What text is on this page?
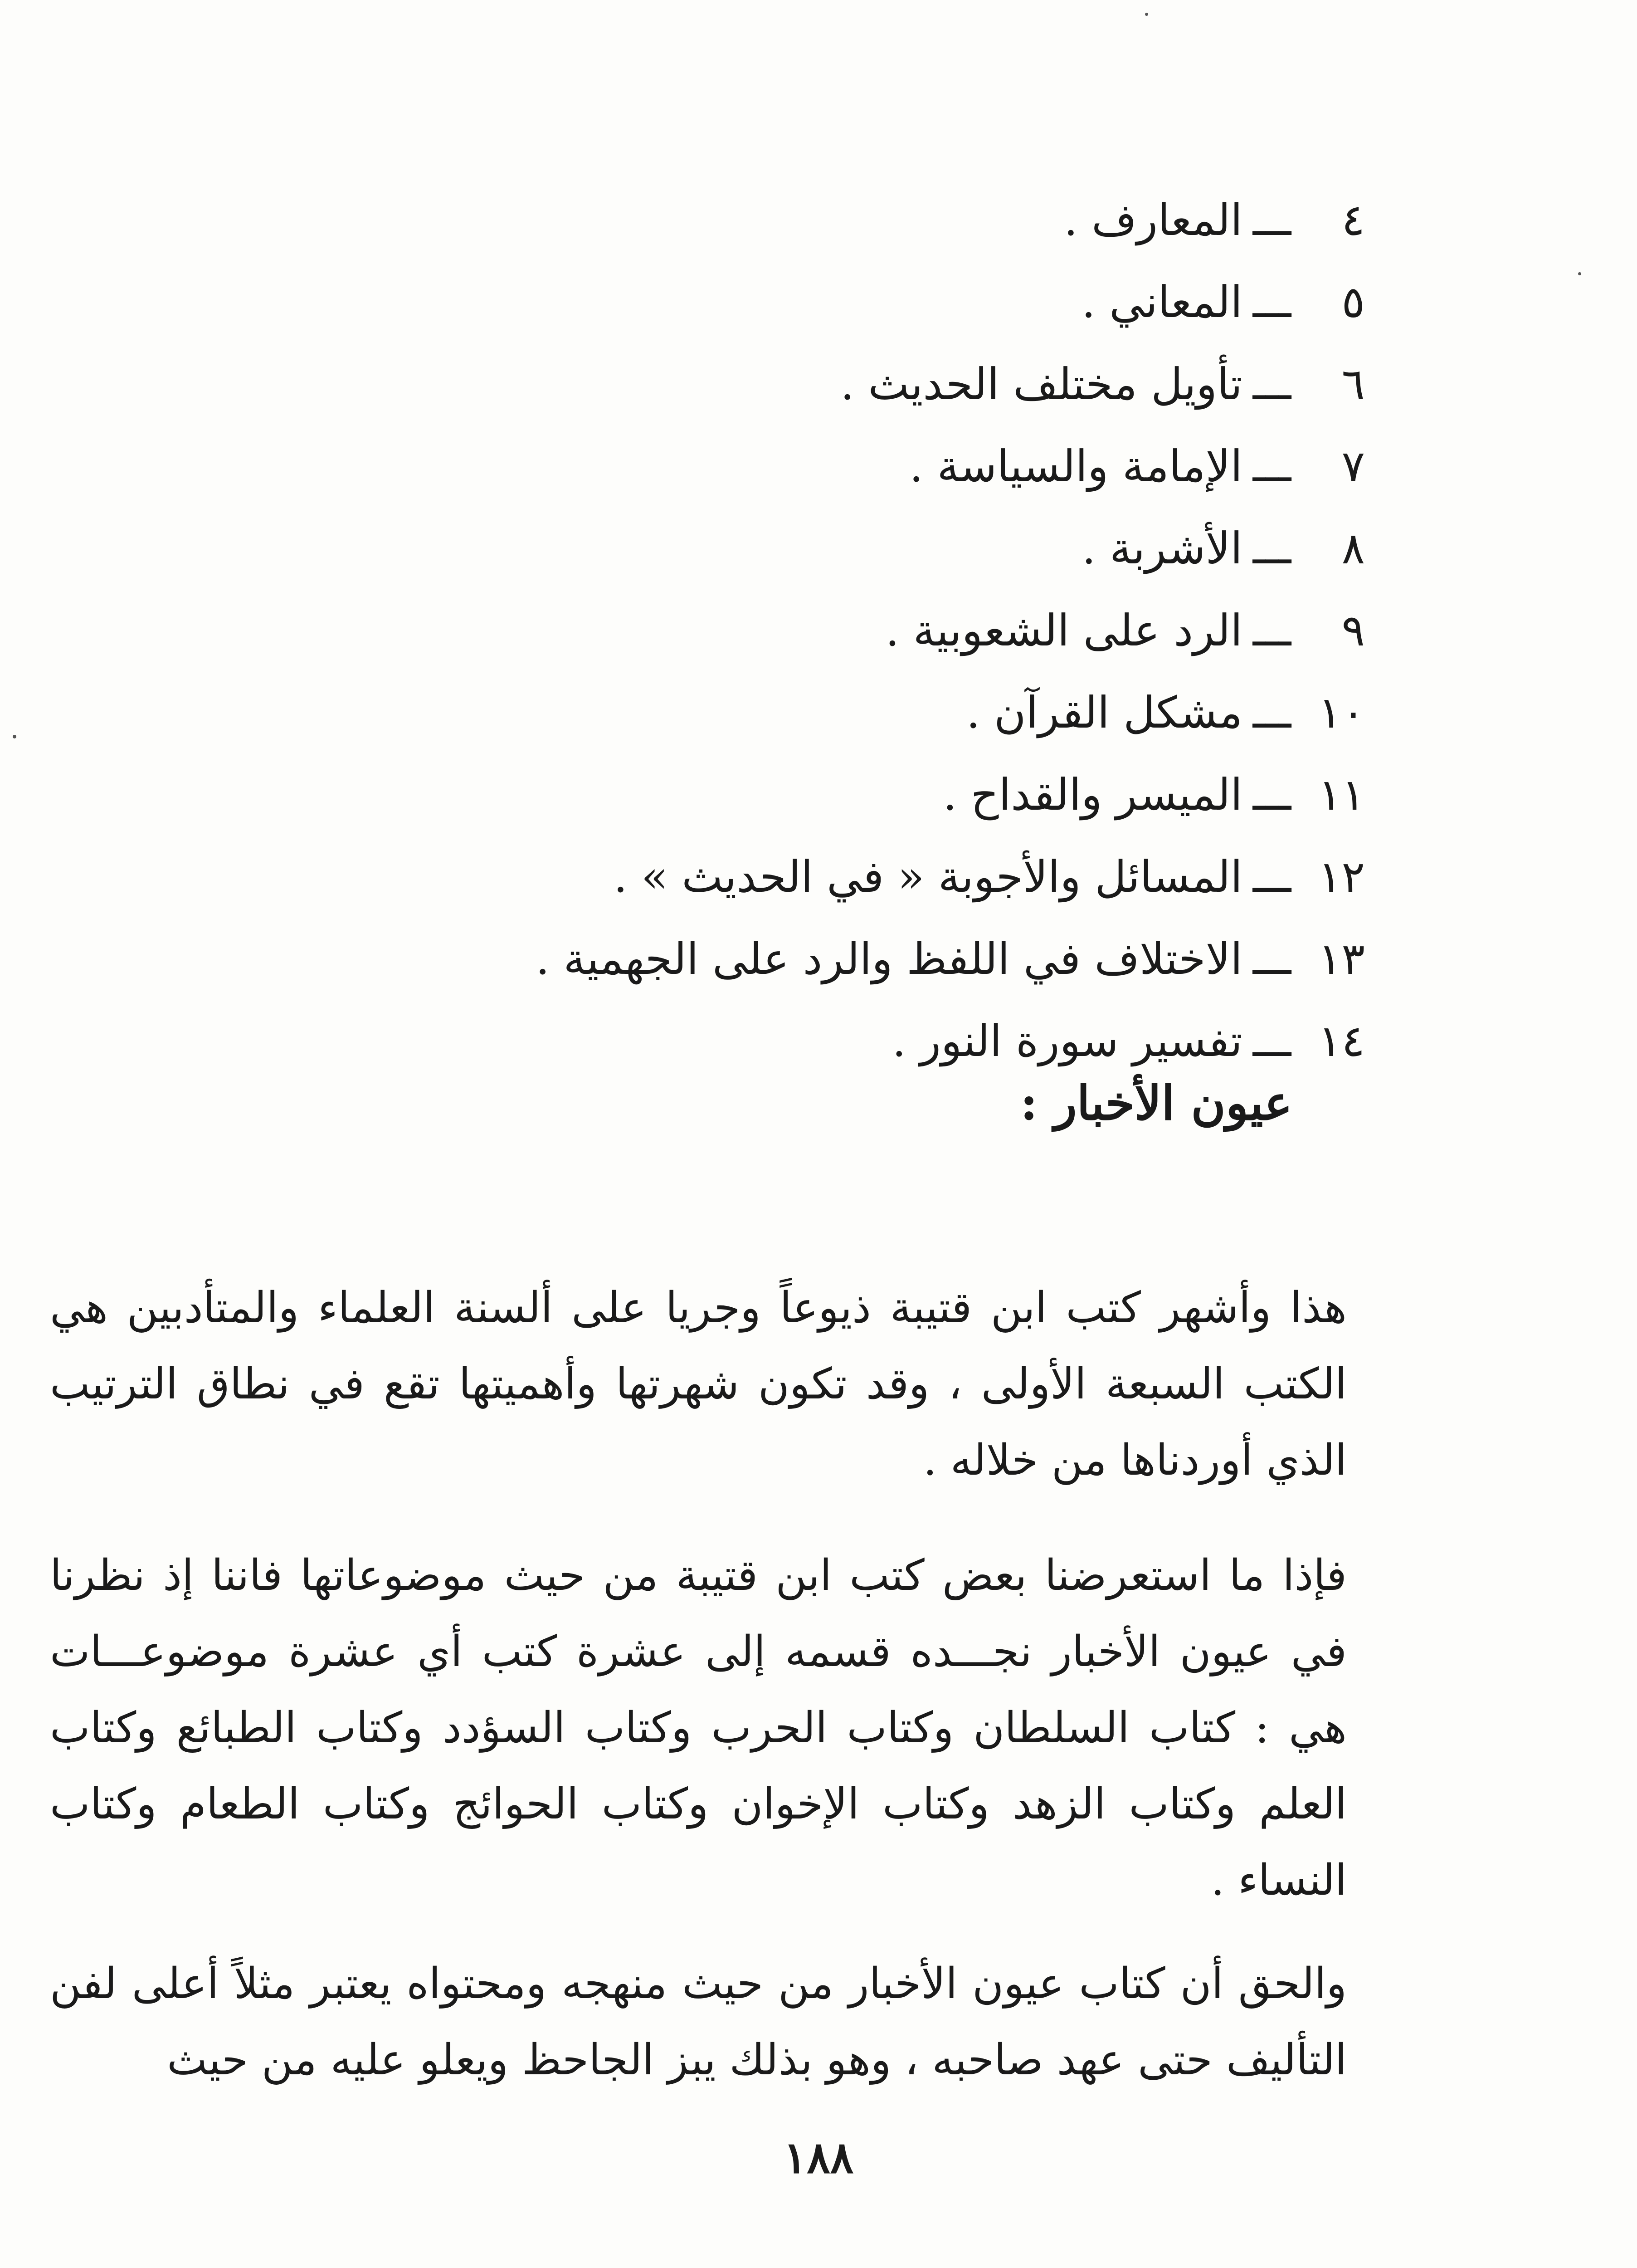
٤
ـــ
المعارف .
٥
ـــ
المعاني .
٦
ـــ
تأويل مختلف الحديث .
٧
ـــ
الإمامة والسياسة .
٨
ـــ
الأشربة .
٩
ـــ
الرد على الشعوبية .
١٠
ـــ
مشكل القرآن .
١١
ـــ
الميسر والقداح .
١٢
ـــ
المسائل والأجوبة « في الحديث » .
١٣
ـــ
الاختلاف في اللفظ والرد على الجهمية .
١٤
ـــ
تفسير سورة النور .
عيون الأخبار :

هذا وأشهر كتب ابن قتيبة ذيوعاً وجريا على ألسنة العلماء والمتأدبين هي الكتب السبعة الأولى ، وقد تكون شهرتها وأهميتها تقع في نطاق الترتيب الذي أوردناها من خلاله .

فإذا ما استعرضنا بعض كتب ابن قتيبة من حيث موضوعاتها فاننا إذ نظرنا في عيون الأخبار نجـــده قسمه إلى عشرة كتب أي عشرة موضوعـــات هي : كتاب السلطان وكتاب الحرب وكتاب السؤدد وكتاب الطبائع وكتاب العلم وكتاب الزهد وكتاب الإخوان وكتاب الحوائج وكتاب الطعام وكتاب النساء .

والحق أن كتاب عيون الأخبار من حيث منهجه ومحتواه يعتبر مثلاً أعلى لفن التأليف حتى عهد صاحبه ، وهو بذلك يبز الجاحظ ويعلو عليه من حيث

١٨٨
